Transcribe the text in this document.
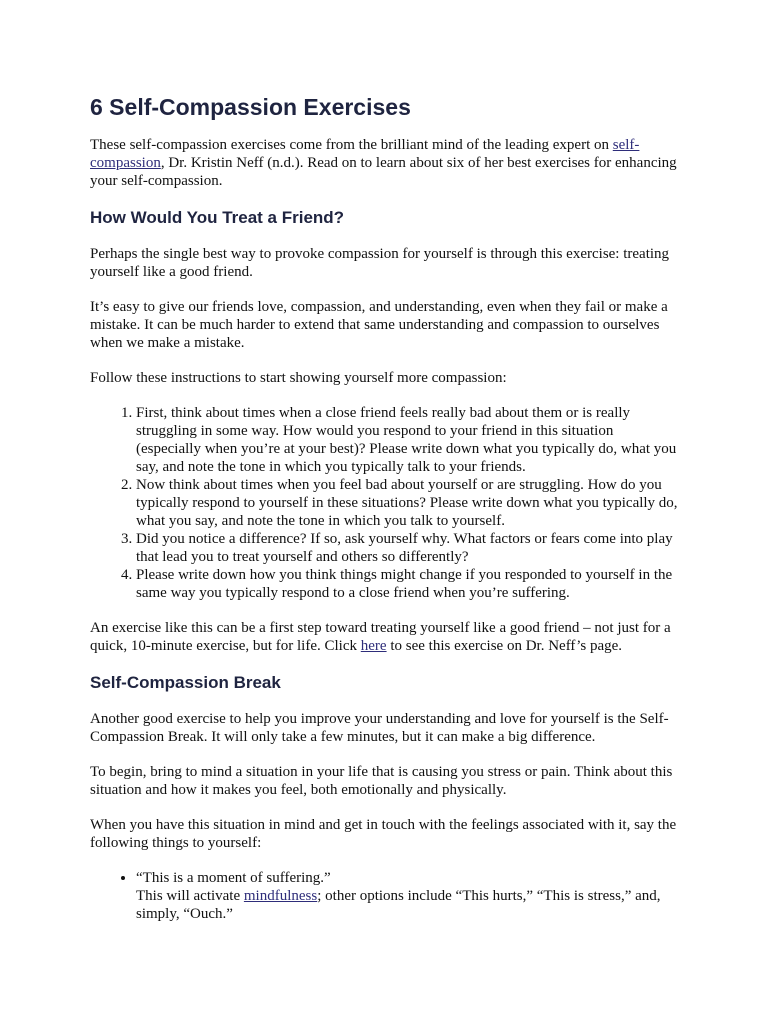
6 Self-Compassion Exercises

These self-compassion exercises come from the brilliant mind of the leading expert on self-compassion, Dr. Kristin Neff (n.d.). Read on to learn about six of her best exercises for enhancing your self-compassion.

How Would You Treat a Friend?

Perhaps the single best way to provoke compassion for yourself is through this exercise: treating yourself like a good friend.

It’s easy to give our friends love, compassion, and understanding, even when they fail or make a mistake. It can be much harder to extend that same understanding and compassion to ourselves when we make a mistake.

Follow these instructions to start showing yourself more compassion:

1. First, think about times when a close friend feels really bad about them or is really struggling in some way. How would you respond to your friend in this situation (especially when you’re at your best)? Please write down what you typically do, what you say, and note the tone in which you typically talk to your friends.
2. Now think about times when you feel bad about yourself or are struggling. How do you typically respond to yourself in these situations? Please write down what you typically do, what you say, and note the tone in which you talk to yourself.
3. Did you notice a difference? If so, ask yourself why. What factors or fears come into play that lead you to treat yourself and others so differently?
4. Please write down how you think things might change if you responded to yourself in the same way you typically respond to a close friend when you’re suffering.

An exercise like this can be a first step toward treating yourself like a good friend – not just for a quick, 10-minute exercise, but for life. Click here to see this exercise on Dr. Neff’s page.

Self-Compassion Break

Another good exercise to help you improve your understanding and love for yourself is the Self-Compassion Break. It will only take a few minutes, but it can make a big difference.

To begin, bring to mind a situation in your life that is causing you stress or pain. Think about this situation and how it makes you feel, both emotionally and physically.

When you have this situation in mind and get in touch with the feelings associated with it, say the following things to yourself:

• “This is a moment of suffering.”
This will activate mindfulness; other options include “This hurts,” “This is stress,” and, simply, “Ouch.”
